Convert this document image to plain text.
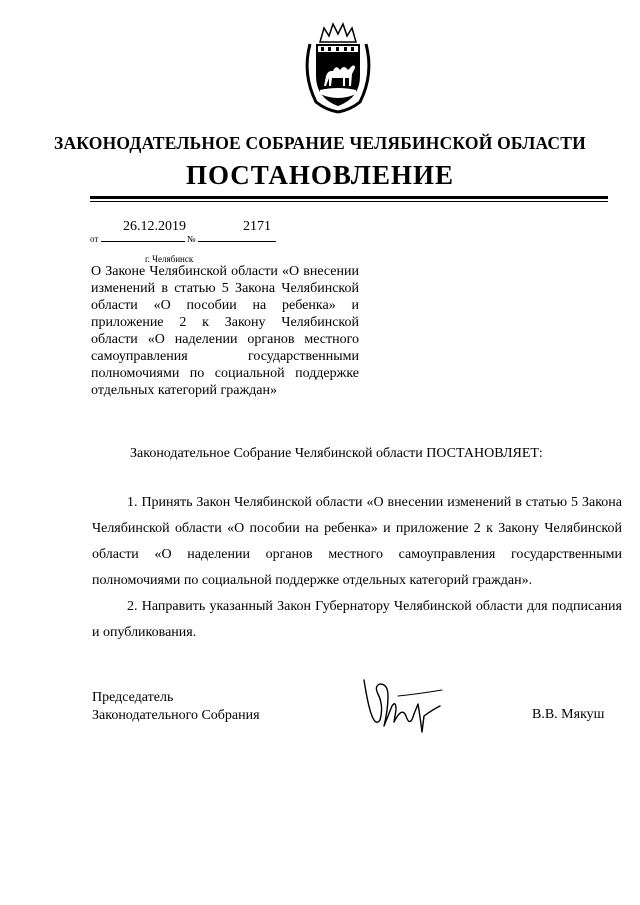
ЗАКОНОДАТЕЛЬНОЕ СОБРАНИЕ ЧЕЛЯБИНСКОЙ ОБЛАСТИ
ПОСТАНОВЛЕНИЕ
26.12.2019	2171
от	№
г. Челябинск
О Законе Челябинской области «О внесении изменений в статью 5 Закона Челябинской области «О пособии на ребенка» и приложение 2 к Закону Челябинской области «О наделении органов местного самоуправления государственными полномочиями по социальной поддержке отдельных категорий граждан»
Законодательное Собрание Челябинской области ПОСТАНОВЛЯЕТ:

1. Принять Закон Челябинской области «О внесении изменений в статью 5 Закона Челябинской области «О пособии на ребенка» и приложение 2 к Закону Челябинской области «О наделении органов местного самоуправления государственными полномочиями по социальной поддержке отдельных категорий граждан».

2. Направить указанный Закон Губернатору Челябинской области для подписания и опубликования.

Председатель
Законодательного Собрания	В.В. Мякуш
